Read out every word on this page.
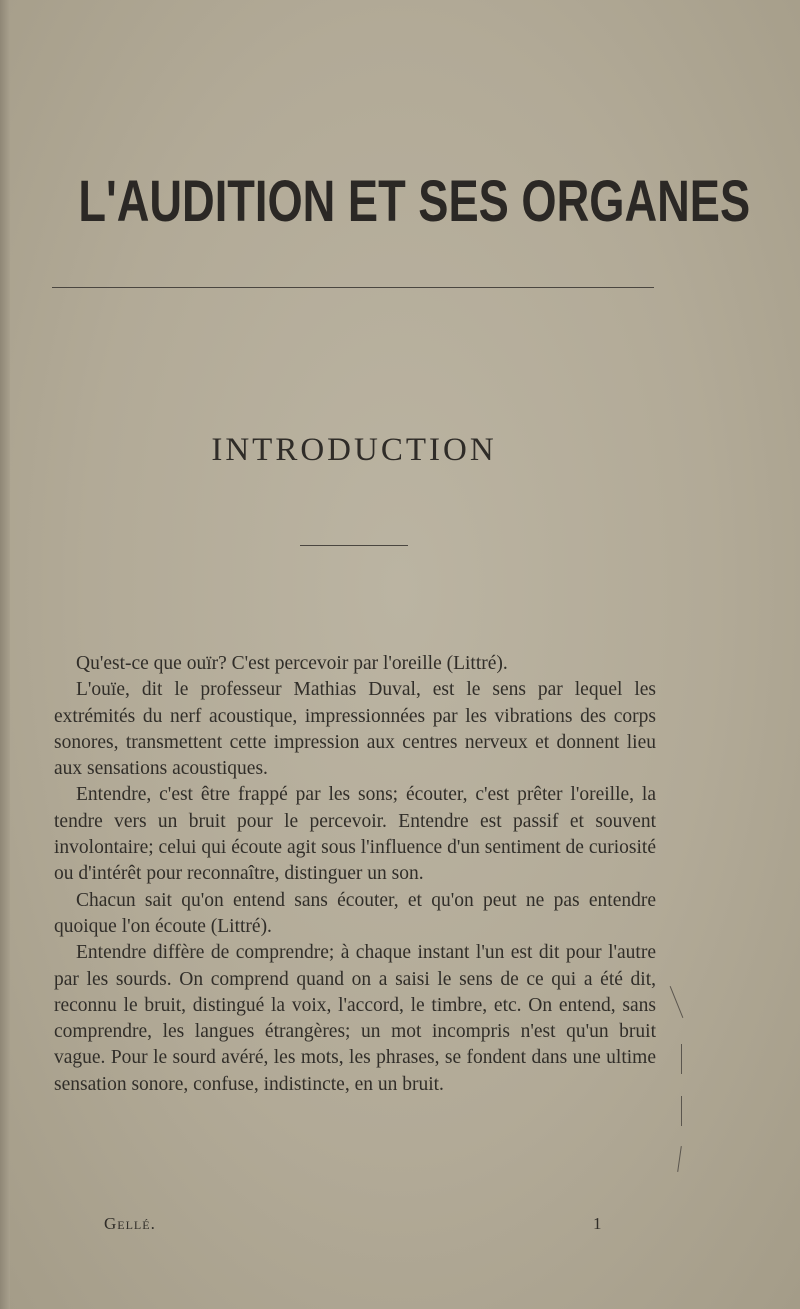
L'AUDITION ET SES ORGANES
INTRODUCTION

Qu'est-ce que ouïr? C'est percevoir par l'oreille (Littré).

L'ouïe, dit le professeur Mathias Duval, est le sens par lequel les extrémités du nerf acoustique, impressionnées par les vibrations des corps sonores, transmettent cette impression aux centres nerveux et donnent lieu aux sensations acoustiques.

Entendre, c'est être frappé par les sons; écouter, c'est prêter l'oreille, la tendre vers un bruit pour le percevoir. Entendre est passif et souvent involontaire; celui qui écoute agit sous l'influence d'un sentiment de curiosité ou d'intérêt pour reconnaître, distinguer un son.

Chacun sait qu'on entend sans écouter, et qu'on peut ne pas entendre quoique l'on écoute (Littré).

Entendre diffère de comprendre; à chaque instant l'un est dit pour l'autre par les sourds. On comprend quand on a saisi le sens de ce qui a été dit, reconnu le bruit, distingué la voix, l'accord, le timbre, etc. On entend, sans comprendre, les langues étrangères; un mot incompris n'est qu'un bruit vague. Pour le sourd avéré, les mots, les phrases, se fondent dans une ultime sensation sonore, confuse, indistincte, en un bruit.

Gellé.	1
